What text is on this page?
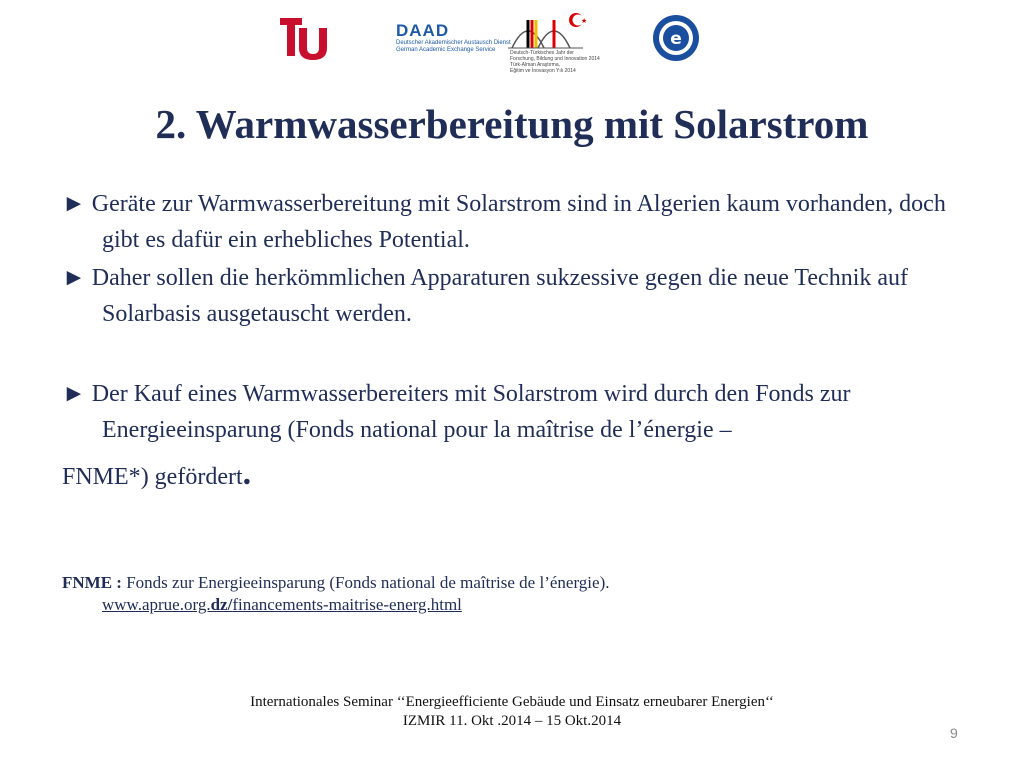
DAAD
Deutscher Akademischer Austausch Dienst
German Academic Exchange Service
★
Deutsch-Türkisches Jahr der
Forschung, Bildung und Innovation 2014
Türk-Alman Araştırma,
Eğitim ve İnovasyon Yılı 2014
e
2. Warmwasserbereitung mit Solarstrom
► Geräte zur Warmwasserbereitung mit Solarstrom sind in Algerien kaum vorhanden, doch gibt es dafür ein erhebliches Potential.
► Daher sollen die herkömmlichen Apparaturen sukzessive gegen die neue Technik auf Solarbasis ausgetauscht werden.
► Der Kauf eines Warmwasserbereiters mit Solarstrom wird durch den Fonds zur Energieeinsparung (Fonds national pour la maîtrise de l’énergie –
FNME*) gefördert.
FNME : Fonds zur Energieeinsparung (Fonds national de maîtrise de l’énergie).
www.aprue.org.dz/financements-maitrise-energ.html
Internationales Seminar ‘‘Energieefficiente Gebäude und Einsatz erneubarer Energien‘‘
IZMIR 11. Okt .2014 – 15 Okt.2014
9
